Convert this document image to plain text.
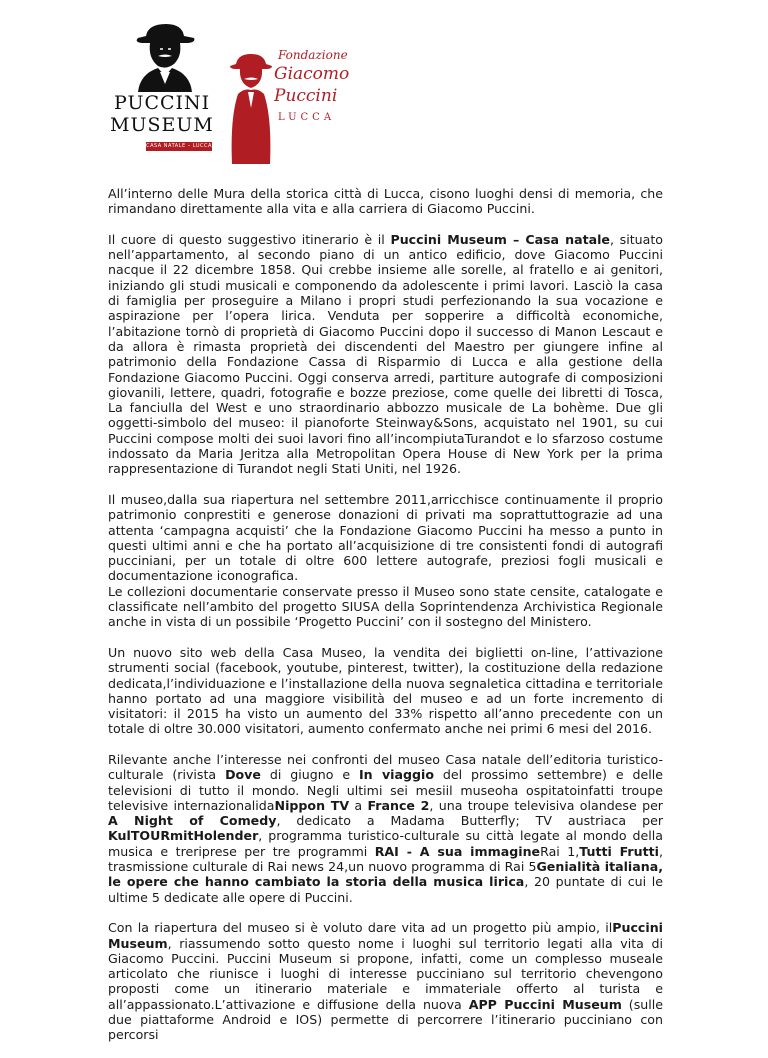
PUCCINI
MUSEUM
CASA NATALE – LUCCA
Fondazione
Giacomo
Puccini
LUCCA

All’interno delle Mura della storica città di Lucca, cisono luoghi densi di memoria, che rimandano direttamente alla vita e alla carriera di Giacomo Puccini.

Il cuore di questo suggestivo itinerario è il Puccini Museum – Casa natale, situato nell’appartamento, al secondo piano di un antico edificio, dove Giacomo Puccini nacque il 22 dicembre 1858. Qui crebbe insieme alle sorelle, al fratello e ai genitori, iniziando gli studi musicali e componendo da adolescente i primi lavori. Lasciò la casa di famiglia per proseguire a Milano i propri studi perfezionando la sua vocazione e aspirazione per l’opera lirica. Venduta per sopperire a difficoltà economiche, l’abitazione tornò di proprietà di Giacomo Puccini dopo il successo di Manon Lescaut e da allora è rimasta proprietà dei discendenti del Maestro per giungere infine al patrimonio della Fondazione Cassa di Risparmio di Lucca e alla gestione della Fondazione Giacomo Puccini. Oggi conserva arredi, partiture autografe di composizioni giovanili, lettere, quadri, fotografie e bozze preziose, come quelle dei libretti di Tosca, La fanciulla del West e uno straordinario abbozzo musicale de La bohème. Due gli oggetti-simbolo del museo: il pianoforte Steinway&Sons, acquistato nel 1901, su cui Puccini compose molti dei suoi lavori fino all’incompiutaTurandot e lo sfarzoso costume indossato da Maria Jeritza alla Metropolitan Opera House di New York per la prima rappresentazione di Turandot negli Stati Uniti, nel 1926.

Il museo,dalla sua riapertura nel settembre 2011,arricchisce continuamente il proprio patrimonio conprestiti e generose donazioni di privati ma soprattuttograzie ad una attenta ‘campagna acquisti’ che la Fondazione Giacomo Puccini ha messo a punto in questi ultimi anni e che ha portato all’acquisizione di tre consistenti fondi di autografi pucciniani, per un totale di oltre 600 lettere autografe, preziosi fogli musicali e documentazione iconografica.

Le collezioni documentarie conservate presso il Museo sono state censite, catalogate e classificate nell’ambito del progetto SIUSA della Soprintendenza Archivistica Regionale anche in vista di un possibile ‘Progetto Puccini’ con il sostegno del Ministero.

Un nuovo sito web della Casa Museo, la vendita dei biglietti on-line, l’attivazione strumenti social (facebook, youtube, pinterest, twitter), la costituzione della redazione dedicata,l’individuazione e l’installazione della nuova segnaletica cittadina e territoriale hanno portato ad una maggiore visibilità del museo e ad un forte incremento di visitatori: il 2015 ha visto un aumento del 33% rispetto all’anno precedente con un totale di oltre 30.000 visitatori, aumento confermato anche nei primi 6 mesi del 2016.

Rilevante anche l’interesse nei confronti del museo Casa natale dell’editoria turistico-culturale (rivista Dove di giugno e In viaggio del prossimo settembre) e delle televisioni di tutto il mondo. Negli ultimi sei mesiil museoha ospitatoinfatti troupe televisive internazionalidaNippon TV a France 2, una troupe televisiva olandese per A Night of Comedy, dedicato a Madama Butterfly; TV austriaca per KulTOURmitHolender, programma turistico-culturale su città legate al mondo della musica e treriprese per tre programmi RAI - A sua immagineRai 1,Tutti Frutti, trasmissione culturale di Rai news 24,un nuovo programma di Rai 5Genialità italiana, le opere che hanno cambiato la storia della musica lirica, 20 puntate di cui le ultime 5 dedicate alle opere di Puccini.

Con la riapertura del museo si è voluto dare vita ad un progetto più ampio, ilPuccini Museum, riassumendo sotto questo nome i luoghi sul territorio legati alla vita di Giacomo Puccini. Puccini Museum si propone, infatti, come un complesso museale articolato che riunisce i luoghi di interesse pucciniano sul territorio chevengono proposti come un itinerario materiale e immateriale offerto al turista e all’appassionato.L’attivazione e diffusione della nuova APP Puccini Museum (sulle due piattaforme Android e IOS) permette di percorrere l’itinerario pucciniano con percorsi
